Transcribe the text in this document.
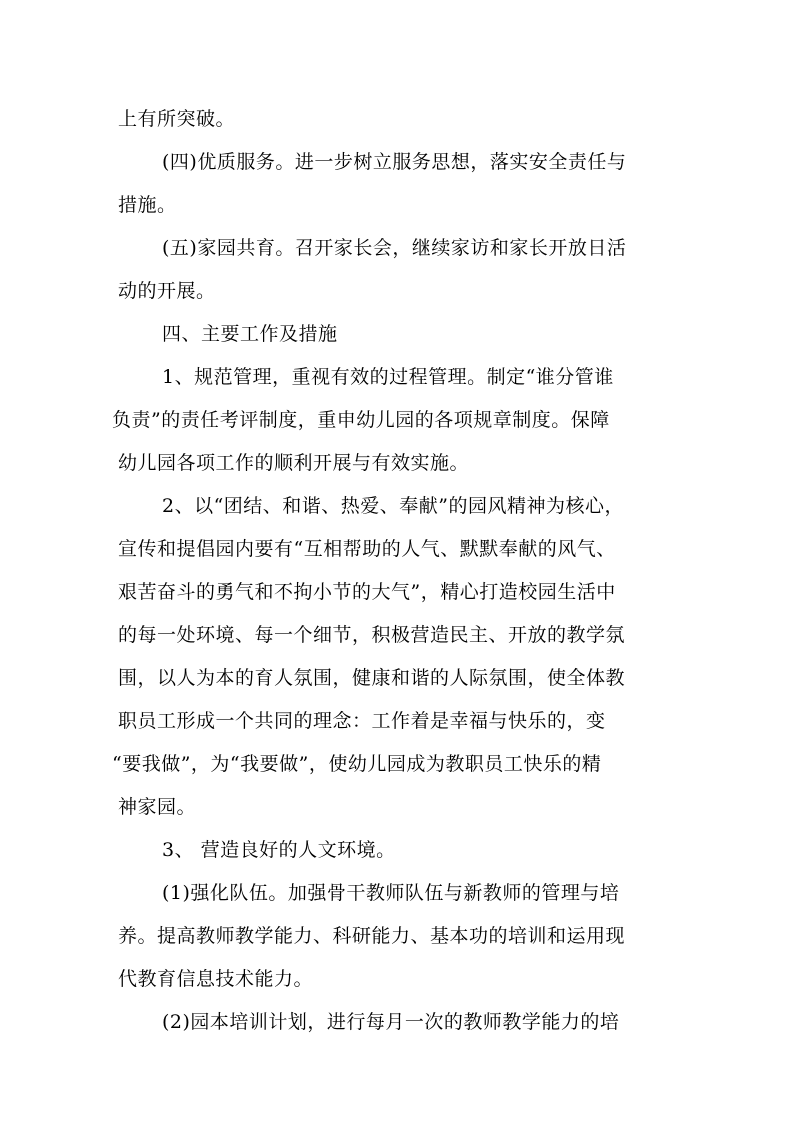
上有所突破。
(四)优质服务。进一步树立服务思想，落实安全责任与
措施。
(五)家园共育。召开家长会，继续家访和家长开放日活
动的开展。
四、主要工作及措施
1、规范管理，重视有效的过程管理。制定“谁分管谁
负责”的责任考评制度，重申幼儿园的各项规章制度。保障
幼儿园各项工作的顺利开展与有效实施。
2、以“团结、和谐、热爱、奉献”的园风精神为核心，
宣传和提倡园内要有“互相帮助的人气、默默奉献的风气、
艰苦奋斗的勇气和不拘小节的大气”，精心打造校园生活中
的每一处环境、每一个细节，积极营造民主、开放的教学氛
围，以人为本的育人氛围，健康和谐的人际氛围，使全体教
职员工形成一个共同的理念：工作着是幸福与快乐的，变
“要我做”，为“我要做”，使幼儿园成为教职员工快乐的精
神家园。
3、 营造良好的人文环境。
(1)强化队伍。加强骨干教师队伍与新教师的管理与培
养。提高教师教学能力、科研能力、基本功的培训和运用现
代教育信息技术能力。
(2)园本培训计划，进行每月一次的教师教学能力的培
